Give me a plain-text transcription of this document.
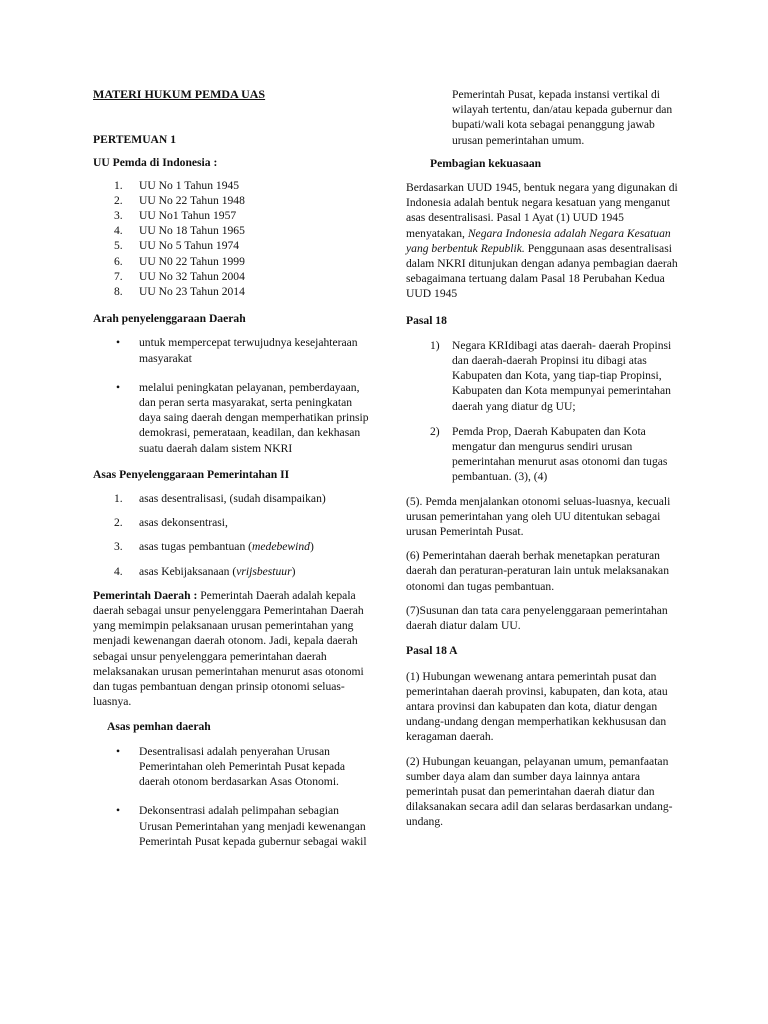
MATERI HUKUM PEMDA UAS

PERTEMUAN 1

UU Pemda di Indonesia :

1. UU No 1 Tahun 1945
2. UU No 22 Tahun 1948
3. UU No1 Tahun 1957
4. UU No 18 Tahun 1965
5. UU No 5 Tahun 1974
6. UU N0 22 Tahun 1999
7. UU No 32 Tahun 2004
8. UU No 23 Tahun 2014

Arah penyelenggaraan Daerah

• untuk mempercepat terwujudnya kesejahteraan masyarakat
• melalui peningkatan pelayanan, pemberdayaan, dan peran serta masyarakat, serta peningkatan daya saing daerah dengan memperhatikan prinsip demokrasi, pemerataan, keadilan, dan kekhasan suatu daerah dalam sistem NKRI

Asas Penyelenggaraan Pemerintahan II

1. asas desentralisasi, (sudah disampaikan)
2. asas dekonsentrasi,
3. asas tugas pembantuan (medebewind)
4. asas Kebijaksanaan (vrijsbestuur)

Pemerintah Daerah : Pemerintah Daerah adalah kepala daerah sebagai unsur penyelenggara Pemerintahan Daerah yang memimpin pelaksanaan urusan pemerintahan yang menjadi kewenangan daerah otonom. Jadi, kepala daerah sebagai unsur penyelenggara pemerintahan daerah melaksanakan urusan pemerintahan menurut asas otonomi dan tugas pembantuan dengan prinsip otonomi seluas-luasnya.

Asas pemhan daerah

• Desentralisasi adalah penyerahan Urusan Pemerintahan oleh Pemerintah Pusat kepada daerah otonom berdasarkan Asas Otonomi.
• Dekonsentrasi adalah pelimpahan sebagian Urusan Pemerintahan yang menjadi kewenangan Pemerintah Pusat kepada gubernur sebagai wakil

Pemerintah Pusat, kepada instansi vertikal di wilayah tertentu, dan/atau kepada gubernur dan bupati/wali kota sebagai penanggung jawab urusan pemerintahan umum.

Pembagian kekuasaan

Berdasarkan UUD 1945, bentuk negara yang digunakan di Indonesia adalah bentuk negara kesatuan yang menganut asas desentralisasi. Pasal 1 Ayat (1) UUD 1945 menyatakan, Negara Indonesia adalah Negara Kesatuan yang berbentuk Republik. Penggunaan asas desentralisasi dalam NKRI ditunjukan dengan adanya pembagian daerah sebagaimana tertuang dalam Pasal 18 Perubahan Kedua UUD 1945

Pasal 18

1) Negara KRIdibagi atas daerah- daerah Propinsi dan daerah-daerah Propinsi itu dibagi atas Kabupaten dan Kota, yang tiap-tiap Propinsi, Kabupaten dan Kota mempunyai pemerintahan daerah yang diatur dg UU;
2) Pemda Prop, Daerah Kabupaten dan Kota mengatur dan mengurus sendiri urusan pemerintahan menurut asas otonomi dan tugas pembantuan. (3), (4)

(5). Pemda menjalankan otonomi seluas-luasnya, kecuali urusan pemerintahan yang oleh UU ditentukan sebagai urusan Pemerintah Pusat.

(6) Pemerintahan daerah berhak menetapkan peraturan daerah dan peraturan-peraturan lain untuk melaksanakan otonomi dan tugas pembantuan.

(7)Susunan dan tata cara penyelenggaraan pemerintahan daerah diatur dalam UU.

Pasal 18 A

(1) Hubungan wewenang antara pemerintah pusat dan pemerintahan daerah provinsi, kabupaten, dan kota, atau antara provinsi dan kabupaten dan kota, diatur dengan undang-undang dengan memperhatikan kekhususan dan keragaman daerah.

(2) Hubungan keuangan, pelayanan umum, pemanfaatan sumber daya alam dan sumber daya lainnya antara pemerintah pusat dan pemerintahan daerah diatur dan dilaksanakan secara adil dan selaras berdasarkan undang-undang.
